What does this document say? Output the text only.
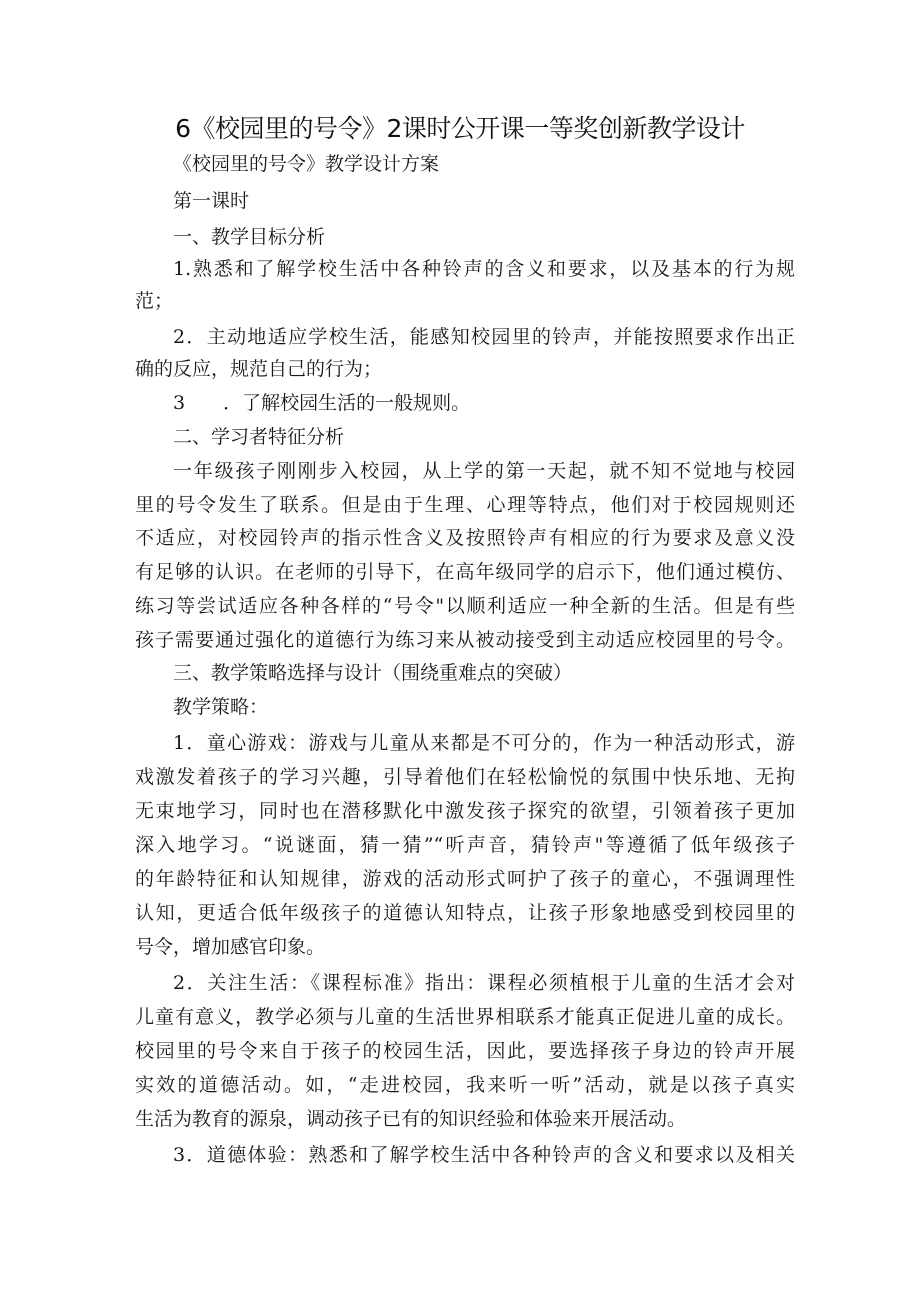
6《校园里的号令》2课时公开课一等奖创新教学设计
《校园里的号令》教学设计方案
第一课时
一、教学目标分析
1.熟悉和了解学校生活中各种铃声的含义和要求，以及基本的行为规
范；
2．主动地适应学校生活，能感知校园里的铃声，并能按照要求作出正
确的反应，规范自己的行为；
3　　．了解校园生活的一般规则。
二、学习者特征分析
一年级孩子刚刚步入校园，从上学的第一天起，就不知不觉地与校园
里的号令发生了联系。但是由于生理、心理等特点，他们对于校园规则还
不适应，对校园铃声的指示性含义及按照铃声有相应的行为要求及意义没
有足够的认识。在老师的引导下，在高年级同学的启示下，他们通过模仿、
练习等尝试适应各种各样的“号令"以顺利适应一种全新的生活。但是有些
孩子需要通过强化的道德行为练习来从被动接受到主动适应校园里的号令。
三、教学策略选择与设计（围绕重难点的突破）
教学策略：
1．童心游戏：游戏与儿童从来都是不可分的，作为一种活动形式，游
戏激发着孩子的学习兴趣，引导着他们在轻松愉悦的氛围中快乐地、无拘
无束地学习，同时也在潜移默化中激发孩子探究的欲望，引领着孩子更加
深入地学习。“说谜面，猜一猜”“听声音，猜铃声"等遵循了低年级孩子
的年龄特征和认知规律，游戏的活动形式呵护了孩子的童心，不强调理性
认知，更适合低年级孩子的道德认知特点，让孩子形象地感受到校园里的
号令，增加感官印象。
2．关注生活：《课程标准》指出：课程必须植根于儿童的生活才会对
儿童有意义，教学必须与儿童的生活世界相联系才能真正促进儿童的成长。
校园里的号令来自于孩子的校园生活，因此，要选择孩子身边的铃声开展
实效的道德活动。如，“走进校园，我来听一听”活动，就是以孩子真实
生活为教育的源泉，调动孩子已有的知识经验和体验来开展活动。
3．道德体验：熟悉和了解学校生活中各种铃声的含义和要求以及相关
